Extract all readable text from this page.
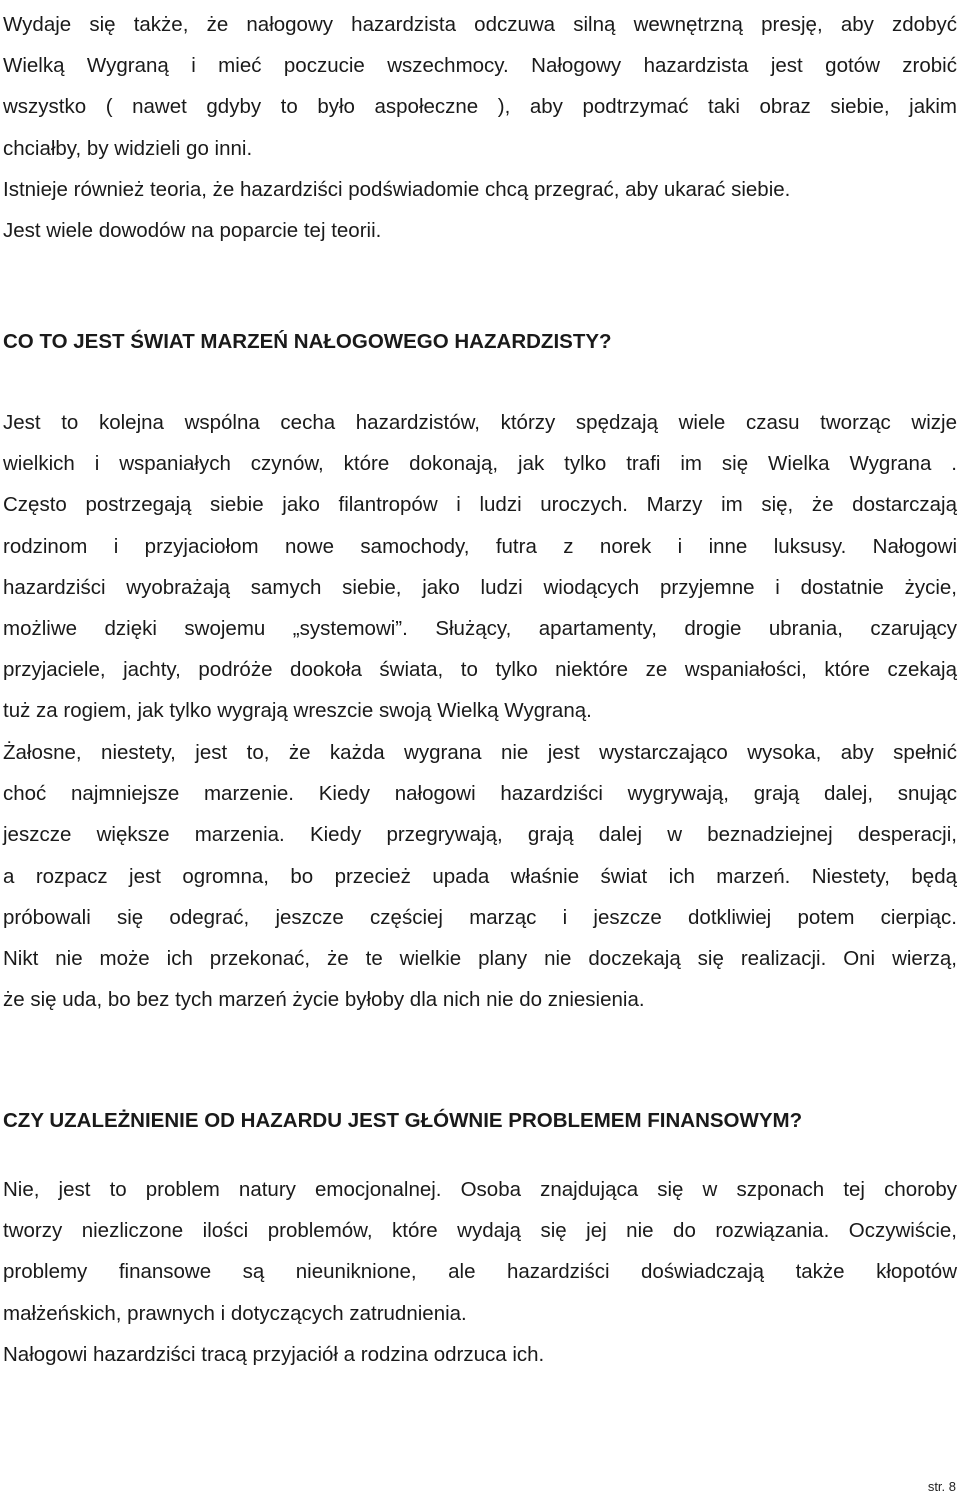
Wydaje się także, że nałogowy hazardzista odczuwa silną wewnętrzną presję, aby zdobyć
Wielką Wygraną i mieć poczucie wszechmocy. Nałogowy hazardzista jest gotów zrobić
wszystko ( nawet gdyby to było aspołeczne ), aby podtrzymać taki obraz siebie, jakim
chciałby, by widzieli go inni.
Istnieje również teoria, że hazardziści podświadomie chcą przegrać, aby ukarać siebie.
Jest wiele dowodów na poparcie tej teorii.
CO TO JEST ŚWIAT MARZEŃ NAŁOGOWEGO HAZARDZISTY?
Jest to kolejna wspólna cecha hazardzistów, którzy spędzają wiele czasu tworząc wizje
wielkich i wspaniałych czynów, które dokonają, jak tylko trafi im się Wielka Wygrana .
Często postrzegają siebie jako filantropów i ludzi uroczych. Marzy im się, że dostarczają
rodzinom i przyjaciołom nowe samochody, futra z norek i inne luksusy. Nałogowi
hazardziści wyobrażają samych siebie, jako ludzi wiodących przyjemne i dostatnie życie,
możliwe dzięki swojemu „systemowi”. Służący, apartamenty, drogie ubrania, czarujący
przyjaciele, jachty, podróże dookoła świata, to tylko niektóre ze wspaniałości, które czekają
tuż za rogiem, jak tylko wygrają wreszcie swoją Wielką Wygraną.
Żałosne, niestety, jest to, że każda wygrana nie jest wystarczająco wysoka, aby spełnić
choć najmniejsze marzenie. Kiedy nałogowi hazardziści wygrywają, grają dalej, snując
jeszcze większe marzenia. Kiedy przegrywają, grają dalej w beznadziejnej desperacji,
a rozpacz jest ogromna, bo przecież upada właśnie świat ich marzeń. Niestety, będą
próbowali się odegrać, jeszcze częściej marząc i jeszcze dotkliwiej potem cierpiąc.
Nikt nie może ich przekonać, że te wielkie plany nie doczekają się realizacji. Oni wierzą,
że się uda, bo bez tych marzeń życie byłoby dla nich nie do zniesienia.
CZY UZALEŻNIENIE OD HAZARDU JEST GŁÓWNIE PROBLEMEM FINANSOWYM?
Nie, jest to problem natury emocjonalnej. Osoba znajdująca się w szponach tej choroby
tworzy niezliczone ilości problemów, które wydają się jej nie do rozwiązania. Oczywiście,
problemy finansowe są nieuniknione, ale hazardziści doświadczają także kłopotów
małżeńskich, prawnych i dotyczących zatrudnienia.

Nałogowi hazardziści tracą przyjaciół a rodzina odrzuca ich.

str. 8
